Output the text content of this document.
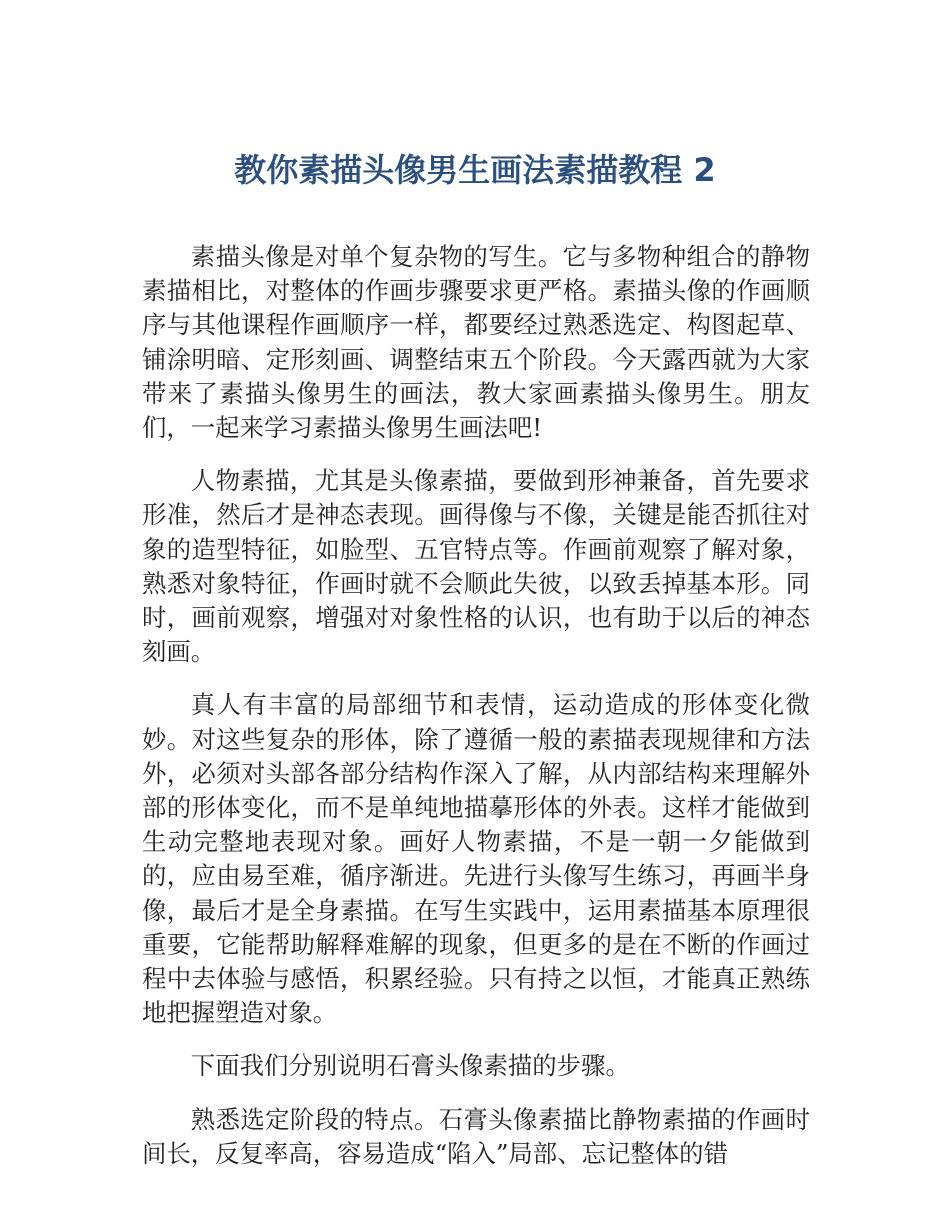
教你素描头像男生画法素描教程 2

素描头像是对单个复杂物的写生。它与多物种组合的静物素描相比，对整体的作画步骤要求更严格。素描头像的作画顺序与其他课程作画顺序一样，都要经过熟悉选定、构图起草、铺涂明暗、定形刻画、调整结束五个阶段。今天露西就为大家带来了素描头像男生的画法，教大家画素描头像男生。朋友们，一起来学习素描头像男生画法吧!

人物素描，尤其是头像素描，要做到形神兼备，首先要求形准，然后才是神态表现。画得像与不像，关键是能否抓往对象的造型特征，如脸型、五官特点等。作画前观察了解对象，熟悉对象特征，作画时就不会顺此失彼，以致丢掉基本形。同时，画前观察，增强对对象性格的认识，也有助于以后的神态刻画。

真人有丰富的局部细节和表情，运动造成的形体变化微妙。对这些复杂的形体，除了遵循一般的素描表现规律和方法外，必须对头部各部分结构作深入了解，从内部结构来理解外部的形体变化，而不是单纯地描摹形体的外表。这样才能做到生动完整地表现对象。画好人物素描，不是一朝一夕能做到的，应由易至难，循序渐进。先进行头像写生练习，再画半身像，最后才是全身素描。在写生实践中，运用素描基本原理很重要，它能帮助解释难解的现象，但更多的是在不断的作画过程中去体验与感悟，积累经验。只有持之以恒，才能真正熟练地把握塑造对象。

下面我们分别说明石膏头像素描的步骤。

熟悉选定阶段的特点。石膏头像素描比静物素描的作画时间长，反复率高，容易造成“陷入”局部、忘记整体的错
